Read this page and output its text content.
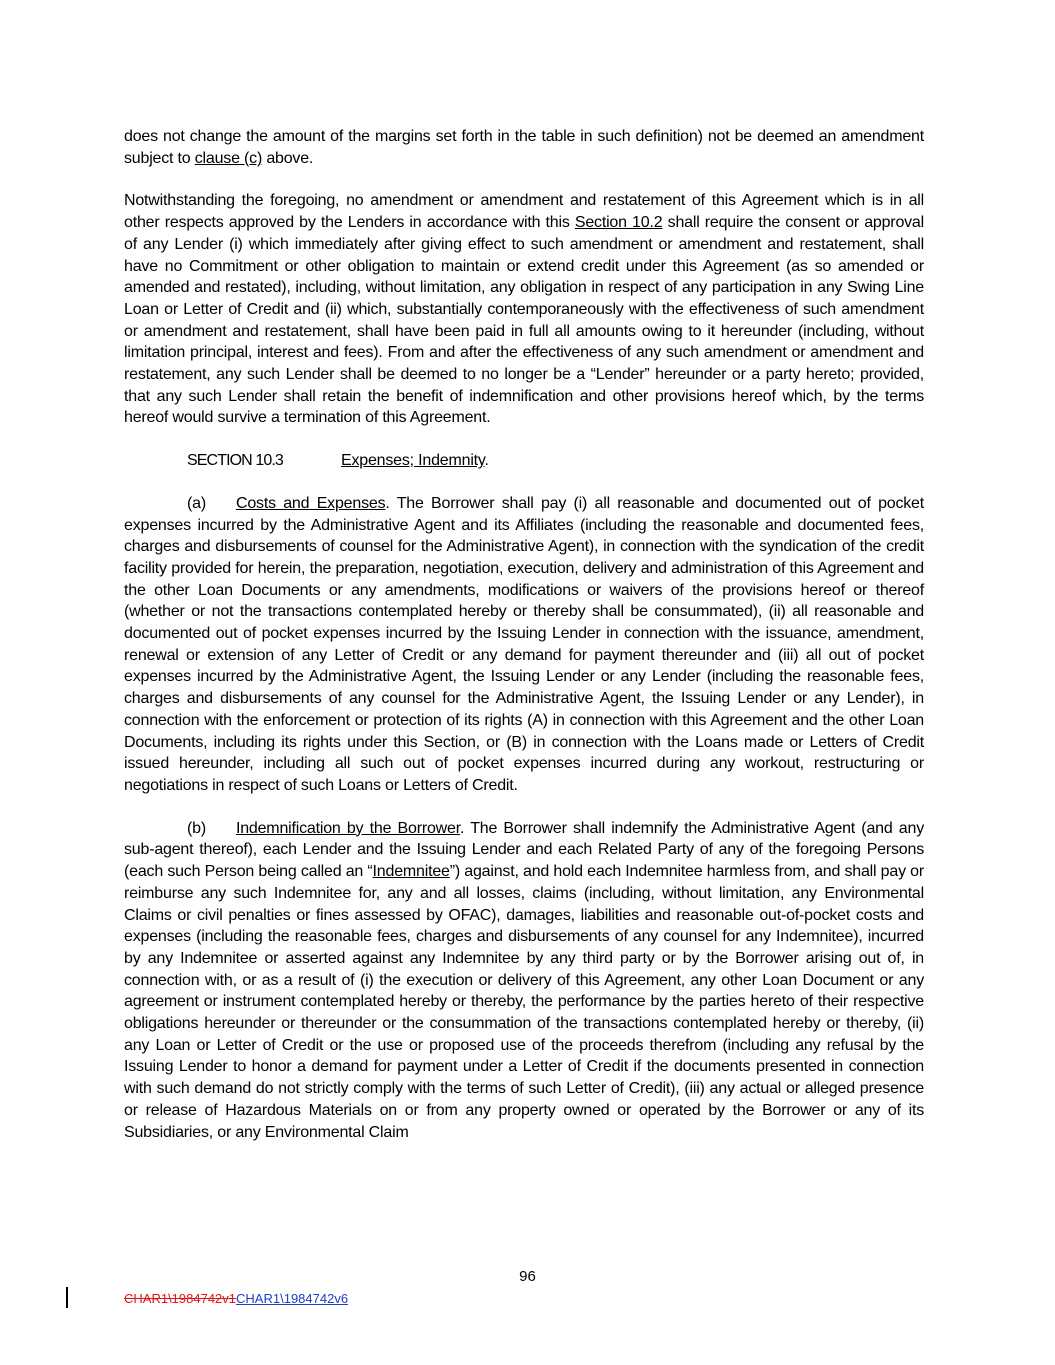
does not change the amount of the margins set forth in the table in such definition) not be deemed an amendment subject to clause (c) above.

Notwithstanding the foregoing, no amendment or amendment and restatement of this Agreement which is in all other respects approved by the Lenders in accordance with this Section 10.2 shall require the consent or approval of any Lender (i) which immediately after giving effect to such amendment or amendment and restatement, shall have no Commitment or other obligation to maintain or extend credit under this Agreement (as so amended or amended and restated), including, without limitation, any obligation in respect of any participation in any Swing Line Loan or Letter of Credit and (ii) which, substantially contemporaneously with the effectiveness of such amendment or amendment and restatement, shall have been paid in full all amounts owing to it hereunder (including, without limitation principal, interest and fees). From and after the effectiveness of any such amendment or amendment and restatement, any such Lender shall be deemed to no longer be a “Lender” hereunder or a party hereto; provided, that any such Lender shall retain the benefit of indemnification and other provisions hereof which, by the terms hereof would survive a termination of this Agreement.

SECTION 10.3	Expenses; Indemnity.

(a) Costs and Expenses. The Borrower shall pay (i) all reasonable and documented out of pocket expenses incurred by the Administrative Agent and its Affiliates (including the reasonable and documented fees, charges and disbursements of counsel for the Administrative Agent), in connection with the syndication of the credit facility provided for herein, the preparation, negotiation, execution, delivery and administration of this Agreement and the other Loan Documents or any amendments, modifications or waivers of the provisions hereof or thereof (whether or not the transactions contemplated hereby or thereby shall be consummated), (ii) all reasonable and documented out of pocket expenses incurred by the Issuing Lender in connection with the issuance, amendment, renewal or extension of any Letter of Credit or any demand for payment thereunder and (iii) all out of pocket expenses incurred by the Administrative Agent, the Issuing Lender or any Lender (including the reasonable fees, charges and disbursements of any counsel for the Administrative Agent, the Issuing Lender or any Lender), in connection with the enforcement or protection of its rights (A) in connection with this Agreement and the other Loan Documents, including its rights under this Section, or (B) in connection with the Loans made or Letters of Credit issued hereunder, including all such out of pocket expenses incurred during any workout, restructuring or negotiations in respect of such Loans or Letters of Credit.

(b) Indemnification by the Borrower. The Borrower shall indemnify the Administrative Agent (and any sub-agent thereof), each Lender and the Issuing Lender and each Related Party of any of the foregoing Persons (each such Person being called an “Indemnitee”) against, and hold each Indemnitee harmless from, and shall pay or reimburse any such Indemnitee for, any and all losses, claims (including, without limitation, any Environmental Claims or civil penalties or fines assessed by OFAC), damages, liabilities and reasonable out-of-pocket costs and expenses (including the reasonable fees, charges and disbursements of any counsel for any Indemnitee), incurred by any Indemnitee or asserted against any Indemnitee by any third party or by the Borrower arising out of, in connection with, or as a result of (i) the execution or delivery of this Agreement, any other Loan Document or any agreement or instrument contemplated hereby or thereby, the performance by the parties hereto of their respective obligations hereunder or thereunder or the consummation of the transactions contemplated hereby or thereby, (ii) any Loan or Letter of Credit or the use or proposed use of the proceeds therefrom (including any refusal by the Issuing Lender to honor a demand for payment under a Letter of Credit if the documents presented in connection with such demand do not strictly comply with the terms of such Letter of Credit), (iii) any actual or alleged presence or release of Hazardous Materials on or from any property owned or operated by the Borrower or any of its Subsidiaries, or any Environmental Claim

96
CHAR1\1984742v1CHAR1\1984742v6
